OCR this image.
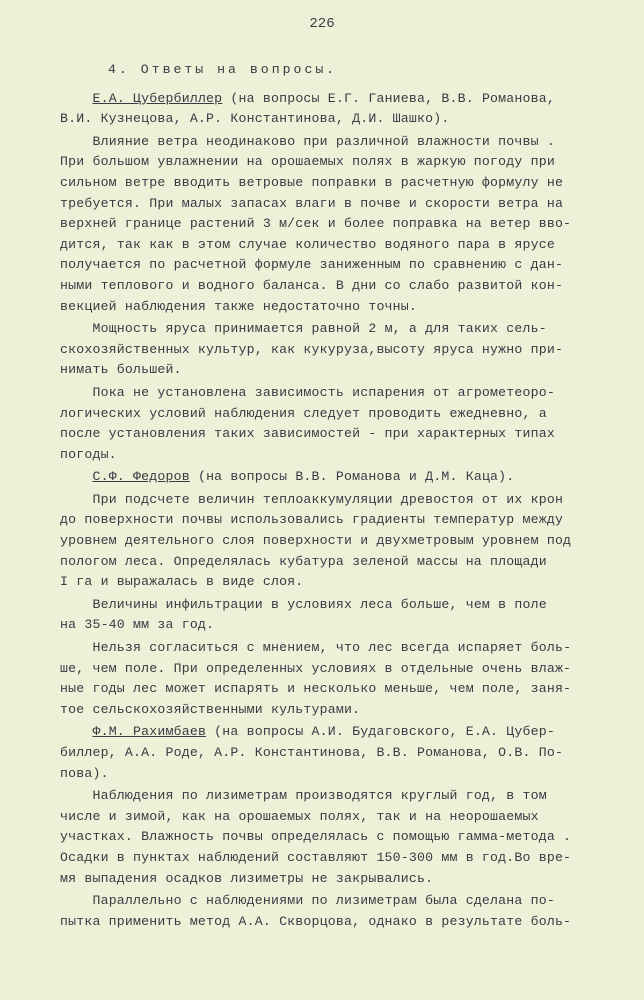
226
4. Ответы на вопросы.
Е.А. Цубербиллер (на вопросы Е.Г. Ганиева, В.В. Романова,
В.И. Кузнецова, А.Р. Константинова, Д.И. Шашко).
Влияние ветра неодинаково при различной влажности почвы .
При большом увлажнении на орошаемых полях в жаркую погоду при
сильном ветре вводить ветровые поправки в расчетную формулу не
требуется. При малых запасах влаги в почве и скорости ветра на
верхней границе растений 3 м/сек и более поправка на ветер вво-
дится, так как в этом случае количество водяного пара в ярусе
получается по расчетной формуле заниженным по сравнению с дан-
ными теплового и водного баланса. В дни со слабо развитой кон-
векцией наблюдения также недостаточно точны.
Мощность яруса принимается равной 2 м, а для таких сель-
скохозяйственных культур, как кукуруза,высоту яруса нужно при-
нимать большей.
Пока не установлена зависимость испарения от агрометеоро-
логических условий наблюдения следует проводить ежедневно, а
после установления таких зависимостей - при характерных типах
погоды.
С.Ф. Федоров (на вопросы В.В. Романова и Д.М. Каца).
При подсчете величин теплоаккумуляции древостоя от их крон
до поверхности почвы использовались градиенты температур между
уровнем деятельного слоя поверхности и двухметровым уровнем под
пологом леса. Определялась кубатура зеленой массы на площади
I га и выражалась в виде слоя.
Величины инфильтрации в условиях леса больше, чем в поле
на 35-40 мм за год.
Нельзя согласиться с мнением, что лес всегда испаряет боль-
ше, чем поле. При определенных условиях в отдельные очень влаж-
ные годы лес может испарять и несколько меньше, чем поле, заня-
тое сельскохозяйственными культурами.
Ф.М. Рахимбаев (на вопросы А.И. Будаговского, Е.А. Цубер-
биллер, А.А. Роде, А.Р. Константинова, В.В. Романова, О.В. По-
пова).
Наблюдения по лизиметрам производятся круглый год, в том
числе и зимой, как на орошаемых полях, так и на неорошаемых
участках. Влажность почвы определялась с помощью гамма-метода .
Осадки в пунктах наблюдений составляют 150-300 мм в год.Во вре-
мя выпадения осадков лизиметры не закрывались.
Параллельно с наблюдениями по лизиметрам была сделана по-
пытка применить метод А.А. Скворцова, однако в результате боль-
